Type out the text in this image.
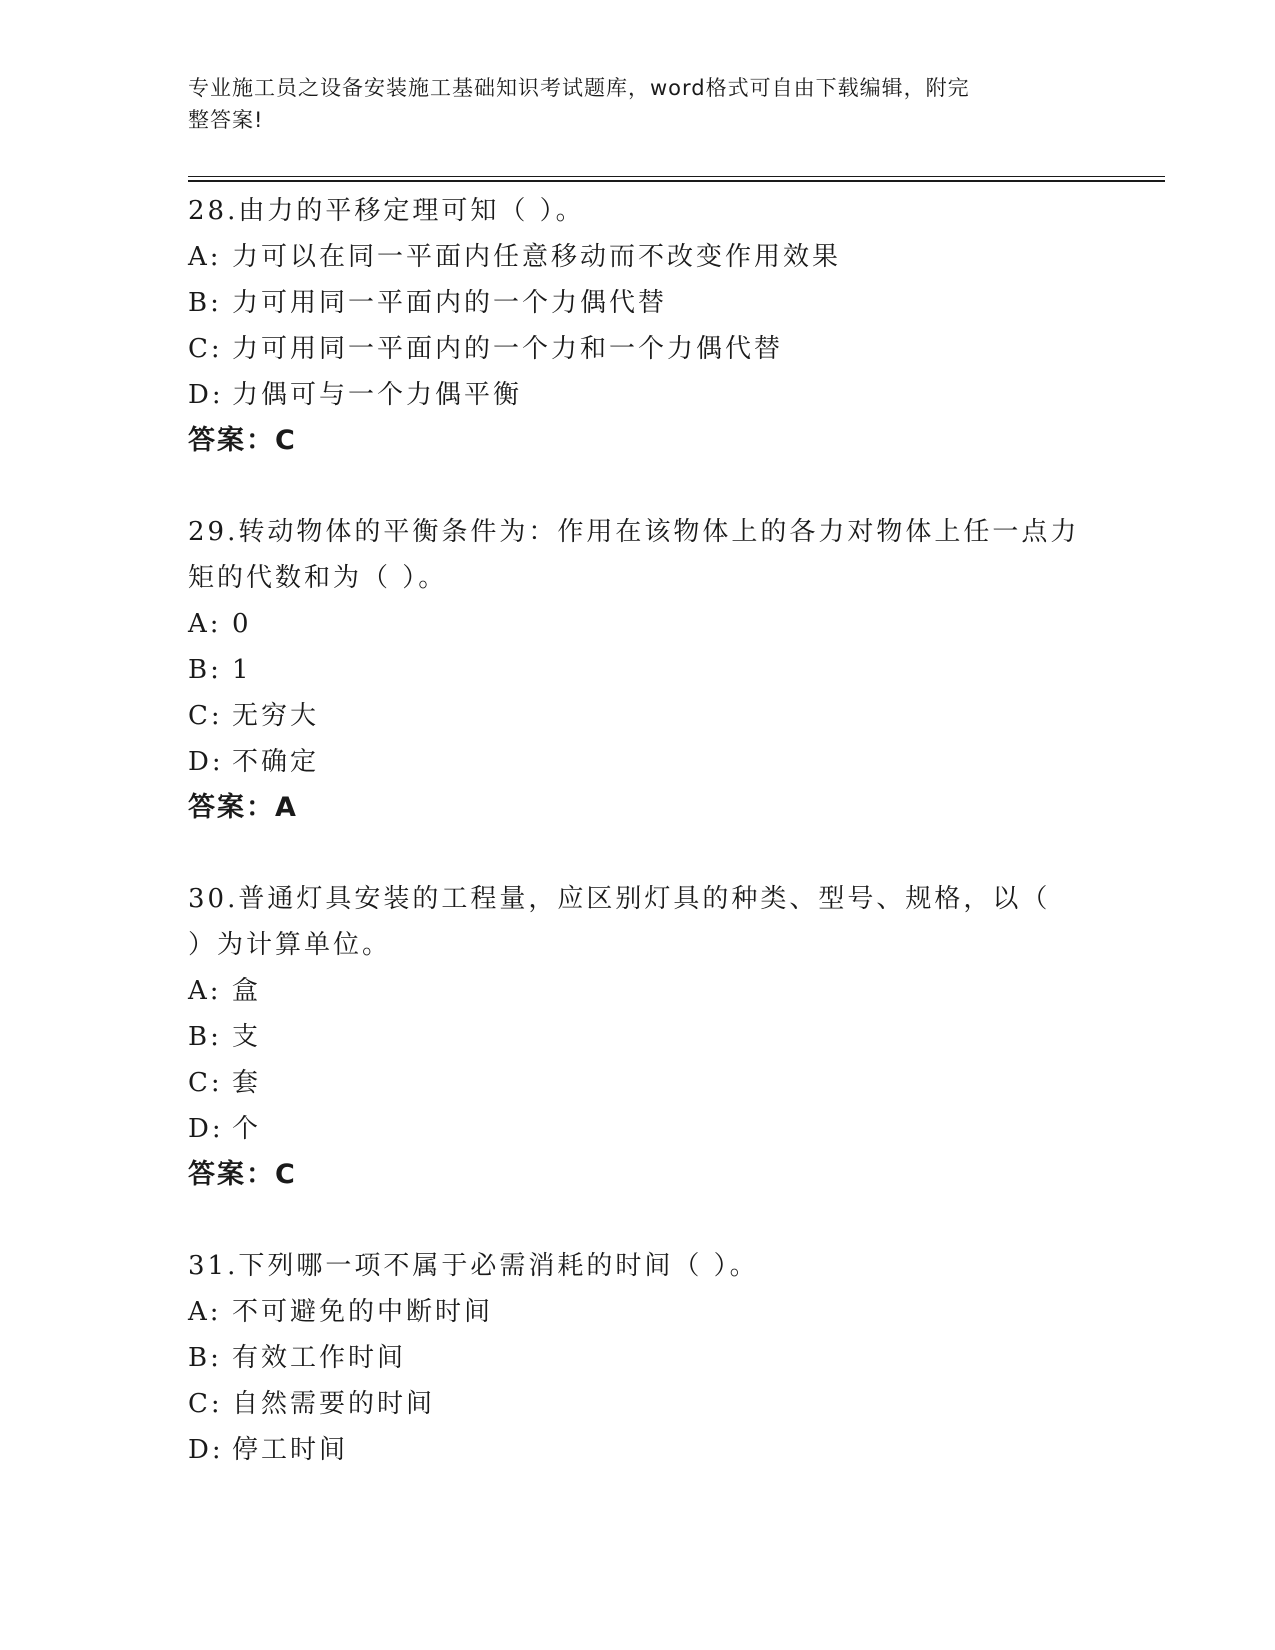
专业施工员之设备安装施工基础知识考试题库，word格式可自由下载编辑，附完
整答案!
28.由力的平移定理可知（ ）。
A: 力可以在同一平面内任意移动而不改变作用效果
B: 力可用同一平面内的一个力偶代替
C: 力可用同一平面内的一个力和一个力偶代替
D: 力偶可与一个力偶平衡
答案：C
29.转动物体的平衡条件为：作用在该物体上的各力对物体上任一点力
矩的代数和为（ ）。
A: 0
B: 1
C: 无穷大
D: 不确定
答案：A
30.普通灯具安装的工程量，应区别灯具的种类、型号、规格，以（
）为计算单位。
A: 盒
B: 支
C: 套
D: 个
答案：C
31.下列哪一项不属于必需消耗的时间（ ）。
A: 不可避免的中断时间
B: 有效工作时间
C: 自然需要的时间
D: 停工时间
